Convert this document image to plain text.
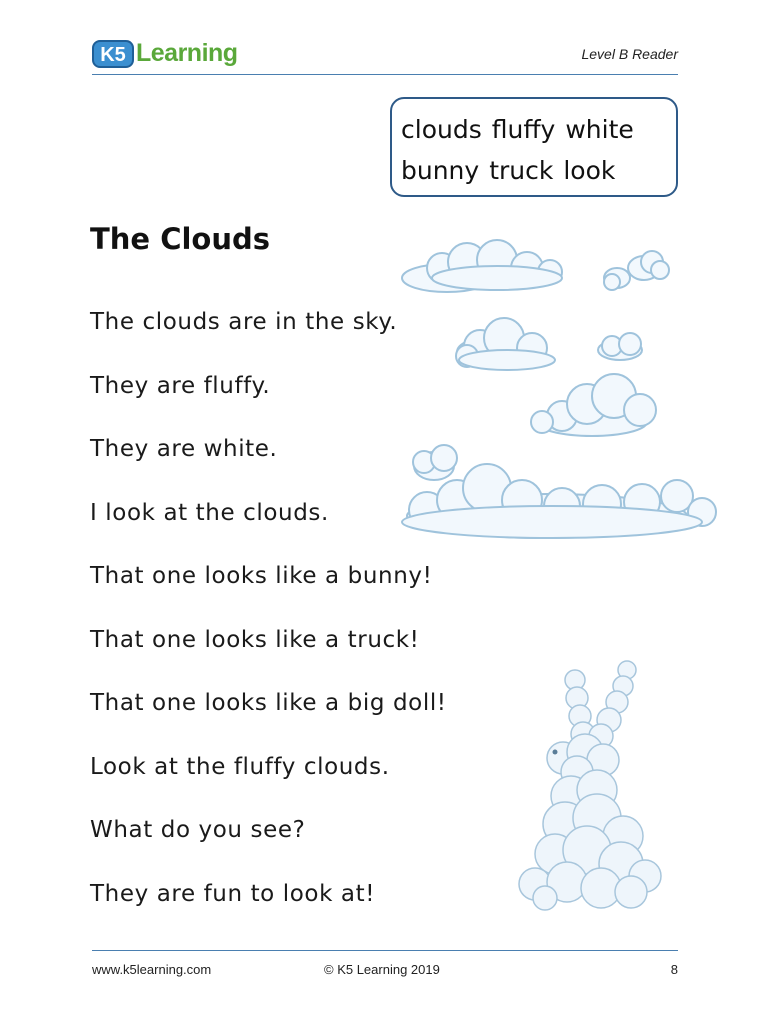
K5 Learning	Level B Reader
clouds fluffy white
bunny truck look
The Clouds
The clouds are in the sky.
They are fluffy.
They are white.
I look at the clouds.
That one looks like a bunny!
That one looks like a truck!
That one looks like a big doll!
Look at the fluffy clouds.
What do you see?
They are fun to look at!
www.k5learning.com	© K5 Learning 2019	8
